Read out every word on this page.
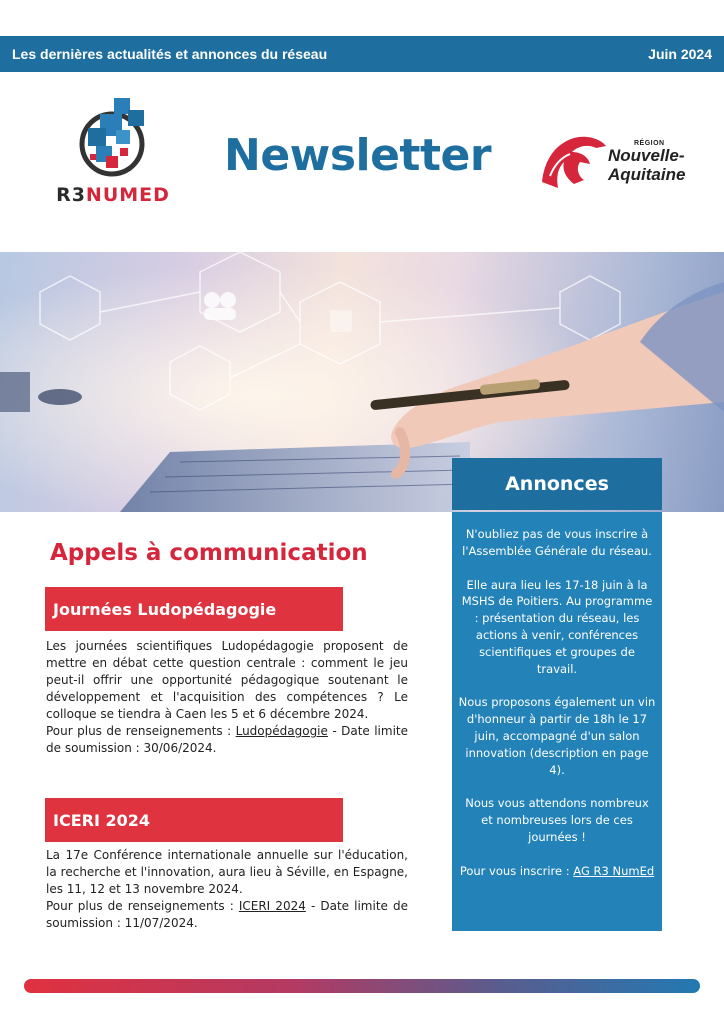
Les dernières actualités et annonces du réseau	Juin 2024
R3NUMED
Newsletter	RÉGION
Nouvelle-
Aquitaine
Appels à communication
Journées Ludopédagogie

Les journées scientifiques Ludopédagogie proposent de mettre en débat cette question centrale : comment le jeu peut-il offrir une opportunité pédagogique soutenant le développement et l'acquisition des compétences ? Le colloque se tiendra à Caen les 5 et 6 décembre 2024.

Pour plus de renseignements : Ludopédagogie - Date limite de soumission : 30/06/2024.

ICERI 2024

La 17e Conférence internationale annuelle sur l'éducation, la recherche et l'innovation, aura lieu à Séville, en Espagne, les 11, 12 et 13 novembre 2024.

Pour plus de renseignements : ICERI 2024 - Date limite de soumission : 11/07/2024.

Annonces

N'oubliez pas de vous inscrire à l'Assemblée Générale du réseau.

Elle aura lieu les 17-18 juin à la MSHS de Poitiers. Au programme : présentation du réseau, les actions à venir, conférences scientifiques et groupes de travail.

Nous proposons également un vin d'honneur à partir de 18h le 17 juin, accompagné d'un salon innovation (description en page 4).

Nous vous attendons nombreux et nombreuses lors de ces journées !

Pour vous inscrire : AG R3 NumEd
